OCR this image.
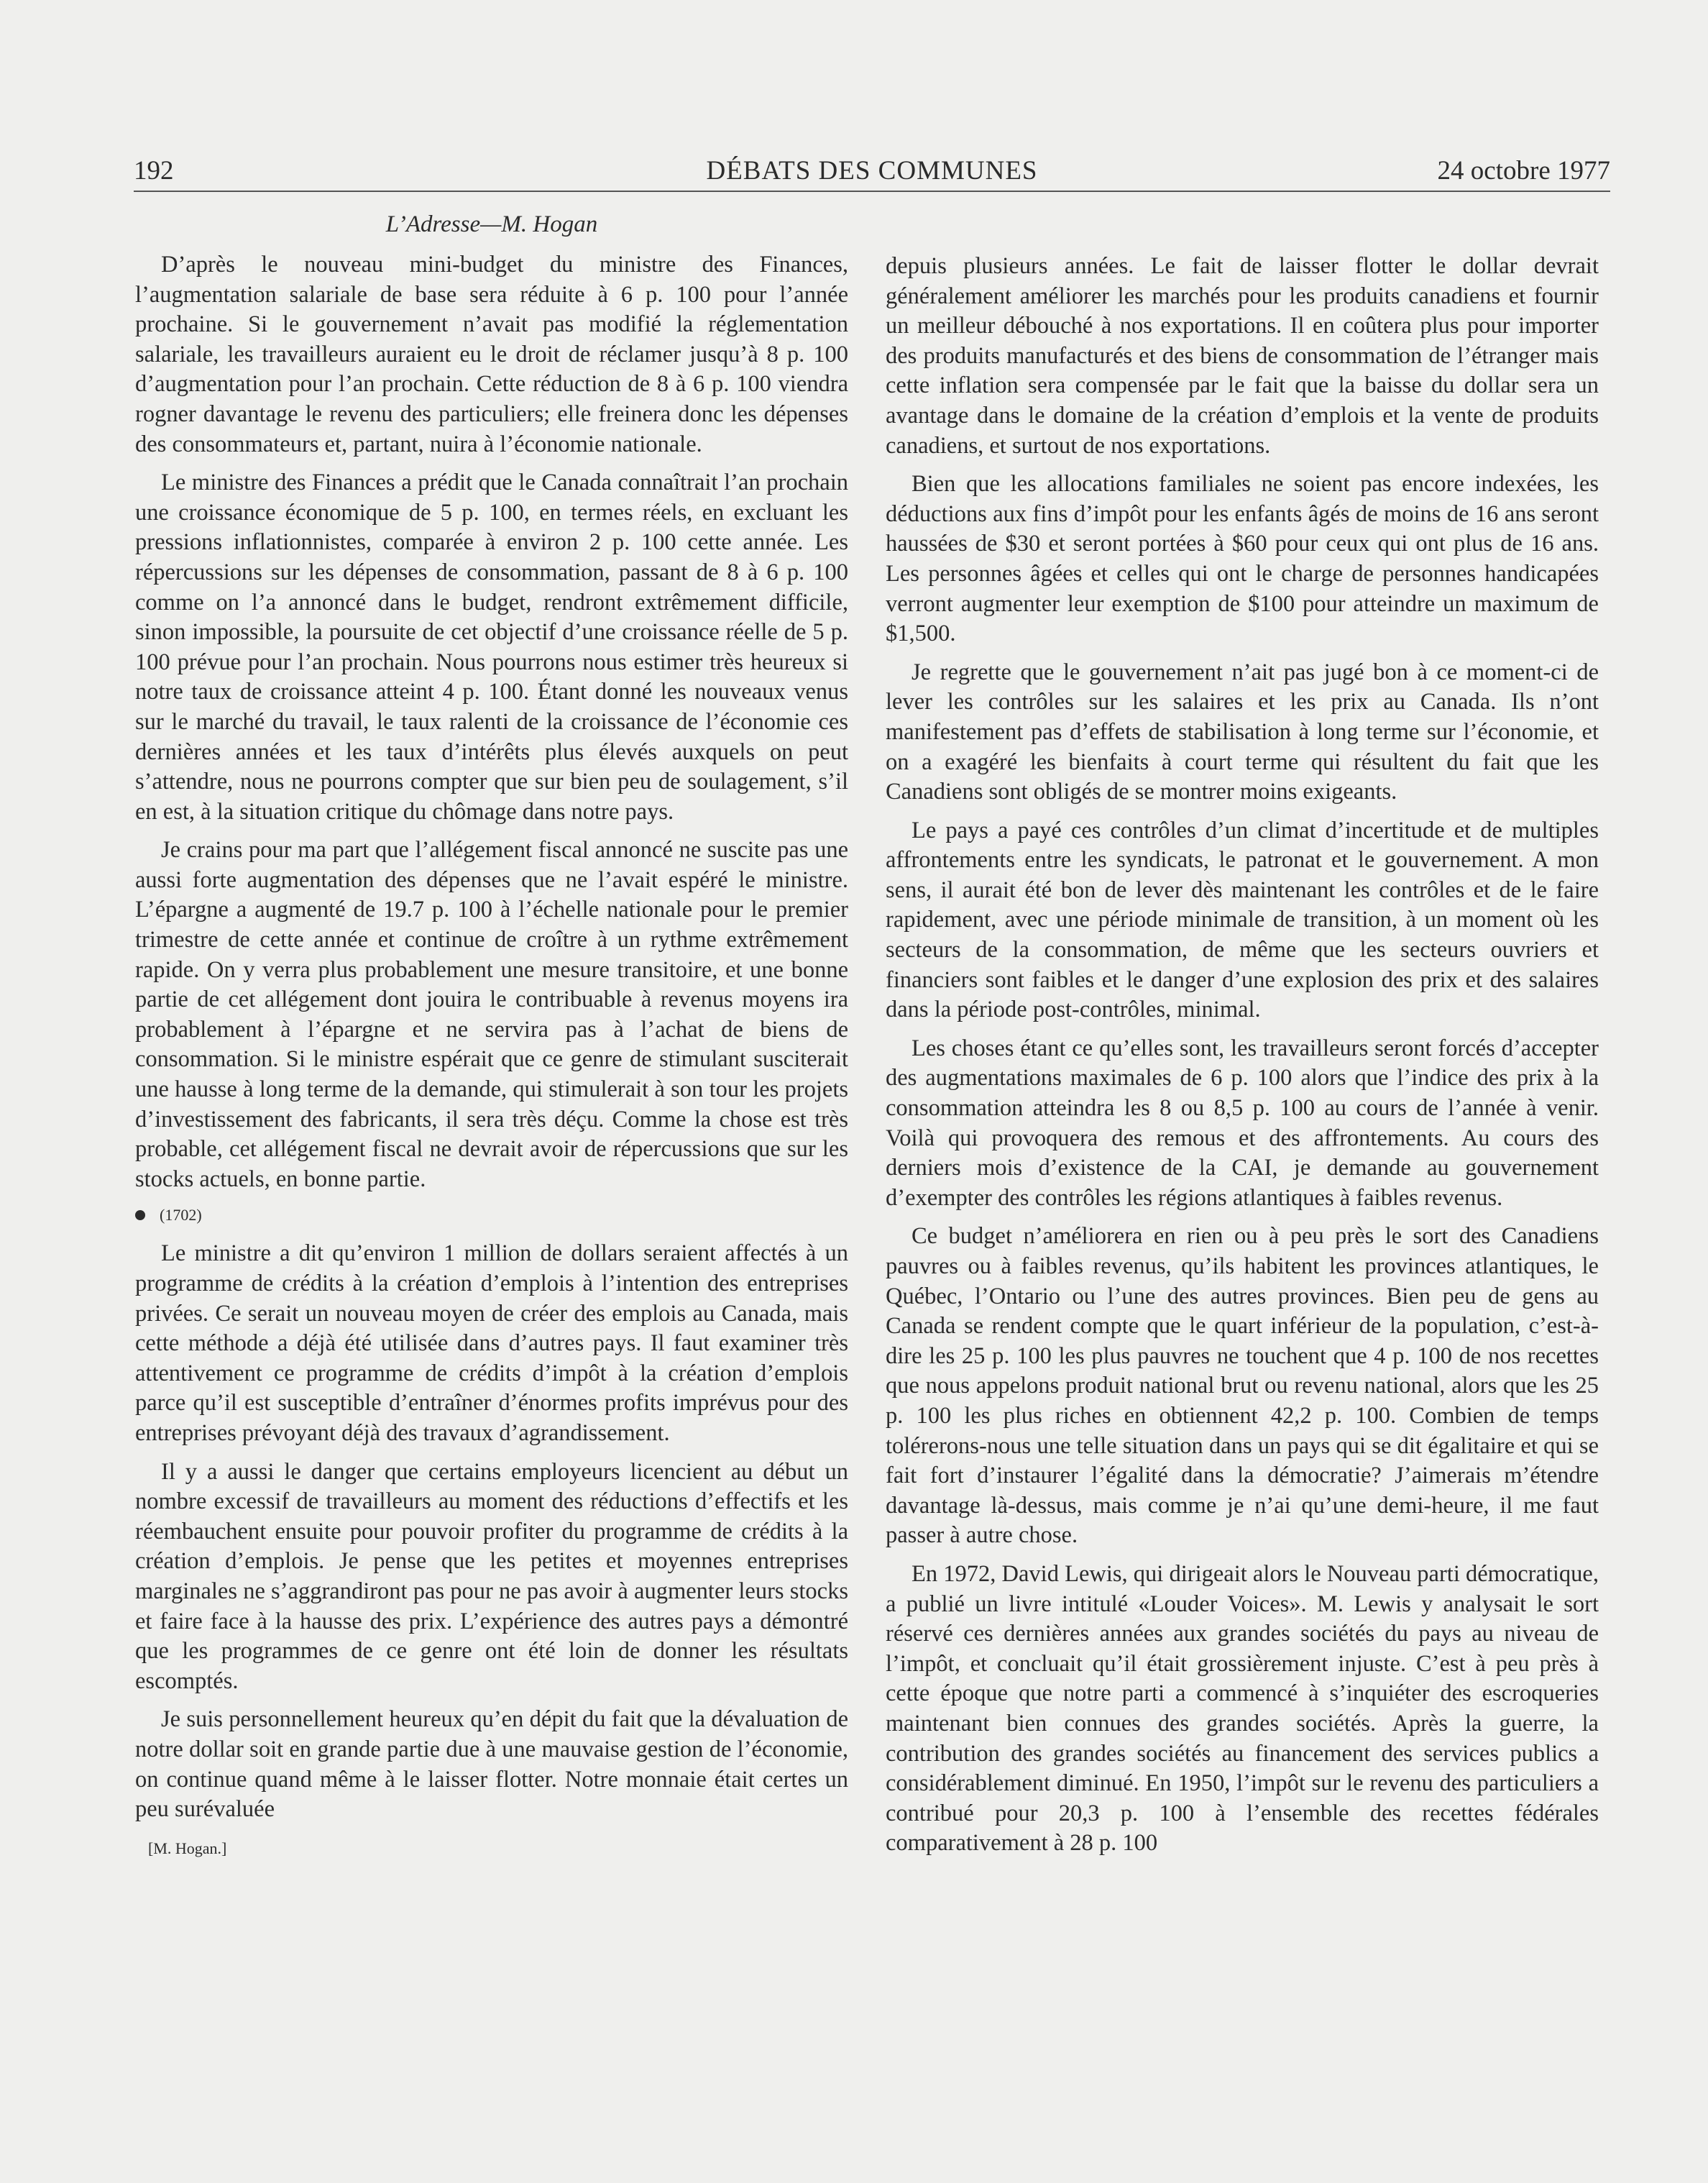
192	DÉBATS DES COMMUNES	24 octobre 1977
L’Adresse—M. Hogan

D’après le nouveau mini-budget du ministre des Finances, l’augmentation salariale de base sera réduite à 6 p. 100 pour l’année prochaine. Si le gouvernement n’avait pas modifié la réglementation salariale, les travailleurs auraient eu le droit de réclamer jusqu’à 8 p. 100 d’augmentation pour l’an prochain. Cette réduction de 8 à 6 p. 100 viendra rogner davantage le revenu des particuliers; elle freinera donc les dépenses des consommateurs et, partant, nuira à l’économie nationale.

Le ministre des Finances a prédit que le Canada connaîtrait l’an prochain une croissance économique de 5 p. 100, en termes réels, en excluant les pressions inflationnistes, comparée à environ 2 p. 100 cette année. Les répercussions sur les dépenses de consommation, passant de 8 à 6 p. 100 comme on l’a annoncé dans le budget, rendront extrêmement difficile, sinon impossible, la poursuite de cet objectif d’une croissance réelle de 5 p. 100 prévue pour l’an prochain. Nous pourrons nous estimer très heureux si notre taux de croissance atteint 4 p. 100. Étant donné les nouveaux venus sur le marché du travail, le taux ralenti de la croissance de l’économie ces dernières années et les taux d’intérêts plus élevés auxquels on peut s’attendre, nous ne pourrons compter que sur bien peu de soulagement, s’il en est, à la situation critique du chômage dans notre pays.

Je crains pour ma part que l’allégement fiscal annoncé ne suscite pas une aussi forte augmentation des dépenses que ne l’avait espéré le ministre. L’épargne a augmenté de 19.7 p. 100 à l’échelle nationale pour le premier trimestre de cette année et continue de croître à un rythme extrêmement rapide. On y verra plus probablement une mesure transitoire, et une bonne partie de cet allégement dont jouira le contribuable à revenus moyens ira probablement à l’épargne et ne servira pas à l’achat de biens de consommation. Si le ministre espérait que ce genre de stimulant susciterait une hausse à long terme de la demande, qui stimulerait à son tour les projets d’investissement des fabricants, il sera très déçu. Comme la chose est très probable, cet allégement fiscal ne devrait avoir de répercussions que sur les stocks actuels, en bonne partie.

(1702)

Le ministre a dit qu’environ 1 million de dollars seraient affectés à un programme de crédits à la création d’emplois à l’intention des entreprises privées. Ce serait un nouveau moyen de créer des emplois au Canada, mais cette méthode a déjà été utilisée dans d’autres pays. Il faut examiner très attentivement ce programme de crédits d’impôt à la création d’emplois parce qu’il est susceptible d’entraîner d’énormes profits imprévus pour des entreprises prévoyant déjà des travaux d’agrandissement.

Il y a aussi le danger que certains employeurs licencient au début un nombre excessif de travailleurs au moment des réductions d’effectifs et les réembauchent ensuite pour pouvoir profiter du programme de crédits à la création d’emplois. Je pense que les petites et moyennes entreprises marginales ne s’aggrandiront pas pour ne pas avoir à augmenter leurs stocks et faire face à la hausse des prix. L’expérience des autres pays a démontré que les programmes de ce genre ont été loin de donner les résultats escomptés.

Je suis personnellement heureux qu’en dépit du fait que la dévaluation de notre dollar soit en grande partie due à une mauvaise gestion de l’économie, on continue quand même à le laisser flotter. Notre monnaie était certes un peu surévaluée

[M. Hogan.]

depuis plusieurs années. Le fait de laisser flotter le dollar devrait généralement améliorer les marchés pour les produits canadiens et fournir un meilleur débouché à nos exportations. Il en coûtera plus pour importer des produits manufacturés et des biens de consommation de l’étranger mais cette inflation sera compensée par le fait que la baisse du dollar sera un avantage dans le domaine de la création d’emplois et la vente de produits canadiens, et surtout de nos exportations.

Bien que les allocations familiales ne soient pas encore indexées, les déductions aux fins d’impôt pour les enfants âgés de moins de 16 ans seront haussées de $30 et seront portées à $60 pour ceux qui ont plus de 16 ans. Les personnes âgées et celles qui ont le charge de personnes handicapées verront augmenter leur exemption de $100 pour atteindre un maximum de $1,500.

Je regrette que le gouvernement n’ait pas jugé bon à ce moment-ci de lever les contrôles sur les salaires et les prix au Canada. Ils n’ont manifestement pas d’effets de stabilisation à long terme sur l’économie, et on a exagéré les bienfaits à court terme qui résultent du fait que les Canadiens sont obligés de se montrer moins exigeants.

Le pays a payé ces contrôles d’un climat d’incertitude et de multiples affrontements entre les syndicats, le patronat et le gouvernement. A mon sens, il aurait été bon de lever dès maintenant les contrôles et de le faire rapidement, avec une période minimale de transition, à un moment où les secteurs de la consommation, de même que les secteurs ouvriers et financiers sont faibles et le danger d’une explosion des prix et des salaires dans la période post-contrôles, minimal.

Les choses étant ce qu’elles sont, les travailleurs seront forcés d’accepter des augmentations maximales de 6 p. 100 alors que l’indice des prix à la consommation atteindra les 8 ou 8,5 p. 100 au cours de l’année à venir. Voilà qui provoquera des remous et des affrontements. Au cours des derniers mois d’existence de la CAI, je demande au gouvernement d’exempter des contrôles les régions atlantiques à faibles revenus.

Ce budget n’améliorera en rien ou à peu près le sort des Canadiens pauvres ou à faibles revenus, qu’ils habitent les provinces atlantiques, le Québec, l’Ontario ou l’une des autres provinces. Bien peu de gens au Canada se rendent compte que le quart inférieur de la population, c’est-à-dire les 25 p. 100 les plus pauvres ne touchent que 4 p. 100 de nos recettes que nous appelons produit national brut ou revenu national, alors que les 25 p. 100 les plus riches en obtiennent 42,2 p. 100. Combien de temps tolérerons-nous une telle situation dans un pays qui se dit égalitaire et qui se fait fort d’instaurer l’égalité dans la démocratie? J’aimerais m’étendre davantage là-dessus, mais comme je n’ai qu’une demi-heure, il me faut passer à autre chose.

En 1972, David Lewis, qui dirigeait alors le Nouveau parti démocratique, a publié un livre intitulé «Louder Voices». M. Lewis y analysait le sort réservé ces dernières années aux grandes sociétés du pays au niveau de l’impôt, et concluait qu’il était grossièrement injuste. C’est à peu près à cette époque que notre parti a commencé à s’inquiéter des escroqueries maintenant bien connues des grandes sociétés. Après la guerre, la contribution des grandes sociétés au financement des services publics a considérablement diminué. En 1950, l’impôt sur le revenu des particuliers a contribué pour 20,3 p. 100 à l’ensemble des recettes fédérales comparativement à 28 p. 100
